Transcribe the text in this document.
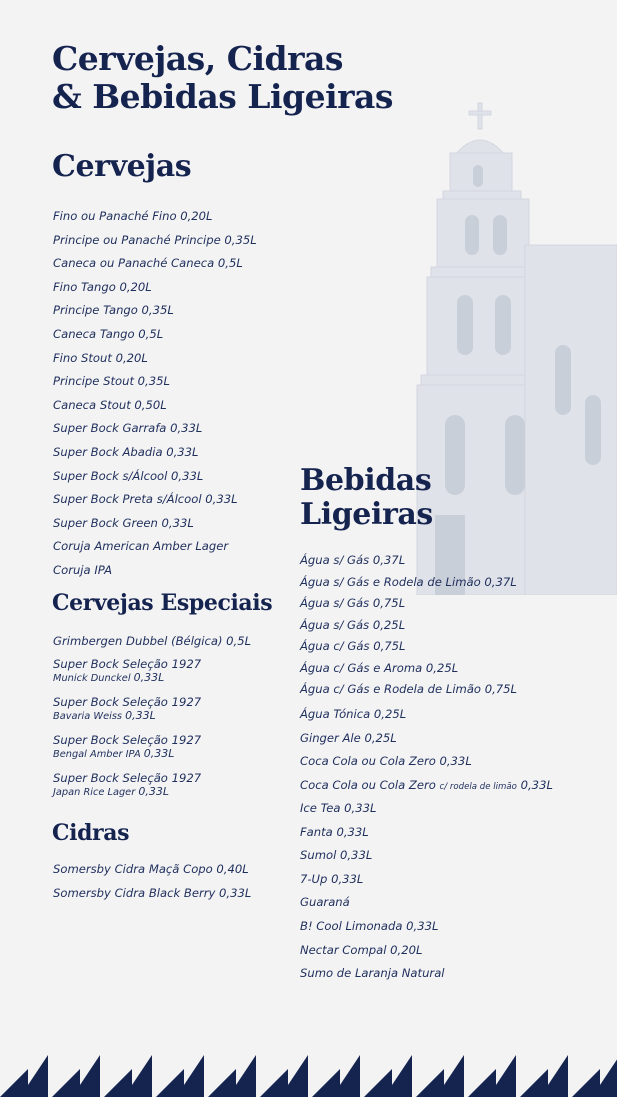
Cervejas, Cidras
& Bebidas Ligeiras
Cervejas
Fino ou Panaché Fino 0,20L
Principe ou Panaché Principe 0,35L
Caneca ou Panaché Caneca 0,5L
Fino Tango 0,20L
Principe Tango 0,35L
Caneca Tango 0,5L
Fino Stout 0,20L
Principe Stout 0,35L
Caneca Stout 0,50L
Super Bock Garrafa 0,33L
Super Bock Abadia 0,33L
Super Bock s/Álcool 0,33L
Super Bock Preta s/Álcool 0,33L
Super Bock Green 0,33L
Coruja American Amber Lager
Coruja IPA
Cervejas Especiais
Grimbergen Dubbel (Bélgica) 0,5L
Super Bock Seleção 1927
Munick Dunckel 0,33L
Super Bock Seleção 1927
Bavaria Weiss 0,33L
Super Bock Seleção 1927
Bengal Amber IPA 0,33L
Super Bock Seleção 1927
Japan Rice Lager 0,33L
Cidras
Somersby Cidra Maçã Copo 0,40L
Somersby Cidra Black Berry 0,33L
Bebidas
Ligeiras
Água s/ Gás 0,37L
Água s/ Gás e Rodela de Limão 0,37L
Água s/ Gás 0,75L
Água s/ Gás 0,25L
Água c/ Gás 0,75L
Água c/ Gás e Aroma 0,25L
Água c/ Gás e Rodela de Limão 0,75L
Água Tónica 0,25L
Ginger Ale 0,25L
Coca Cola ou Cola Zero 0,33L
Coca Cola ou Cola Zero c/ rodela de limão 0,33L
Ice Tea 0,33L
Fanta 0,33L
Sumol 0,33L
7-Up 0,33L
Guaraná
B! Cool Limonada 0,33L
Nectar Compal 0,20L
Sumo de Laranja Natural
